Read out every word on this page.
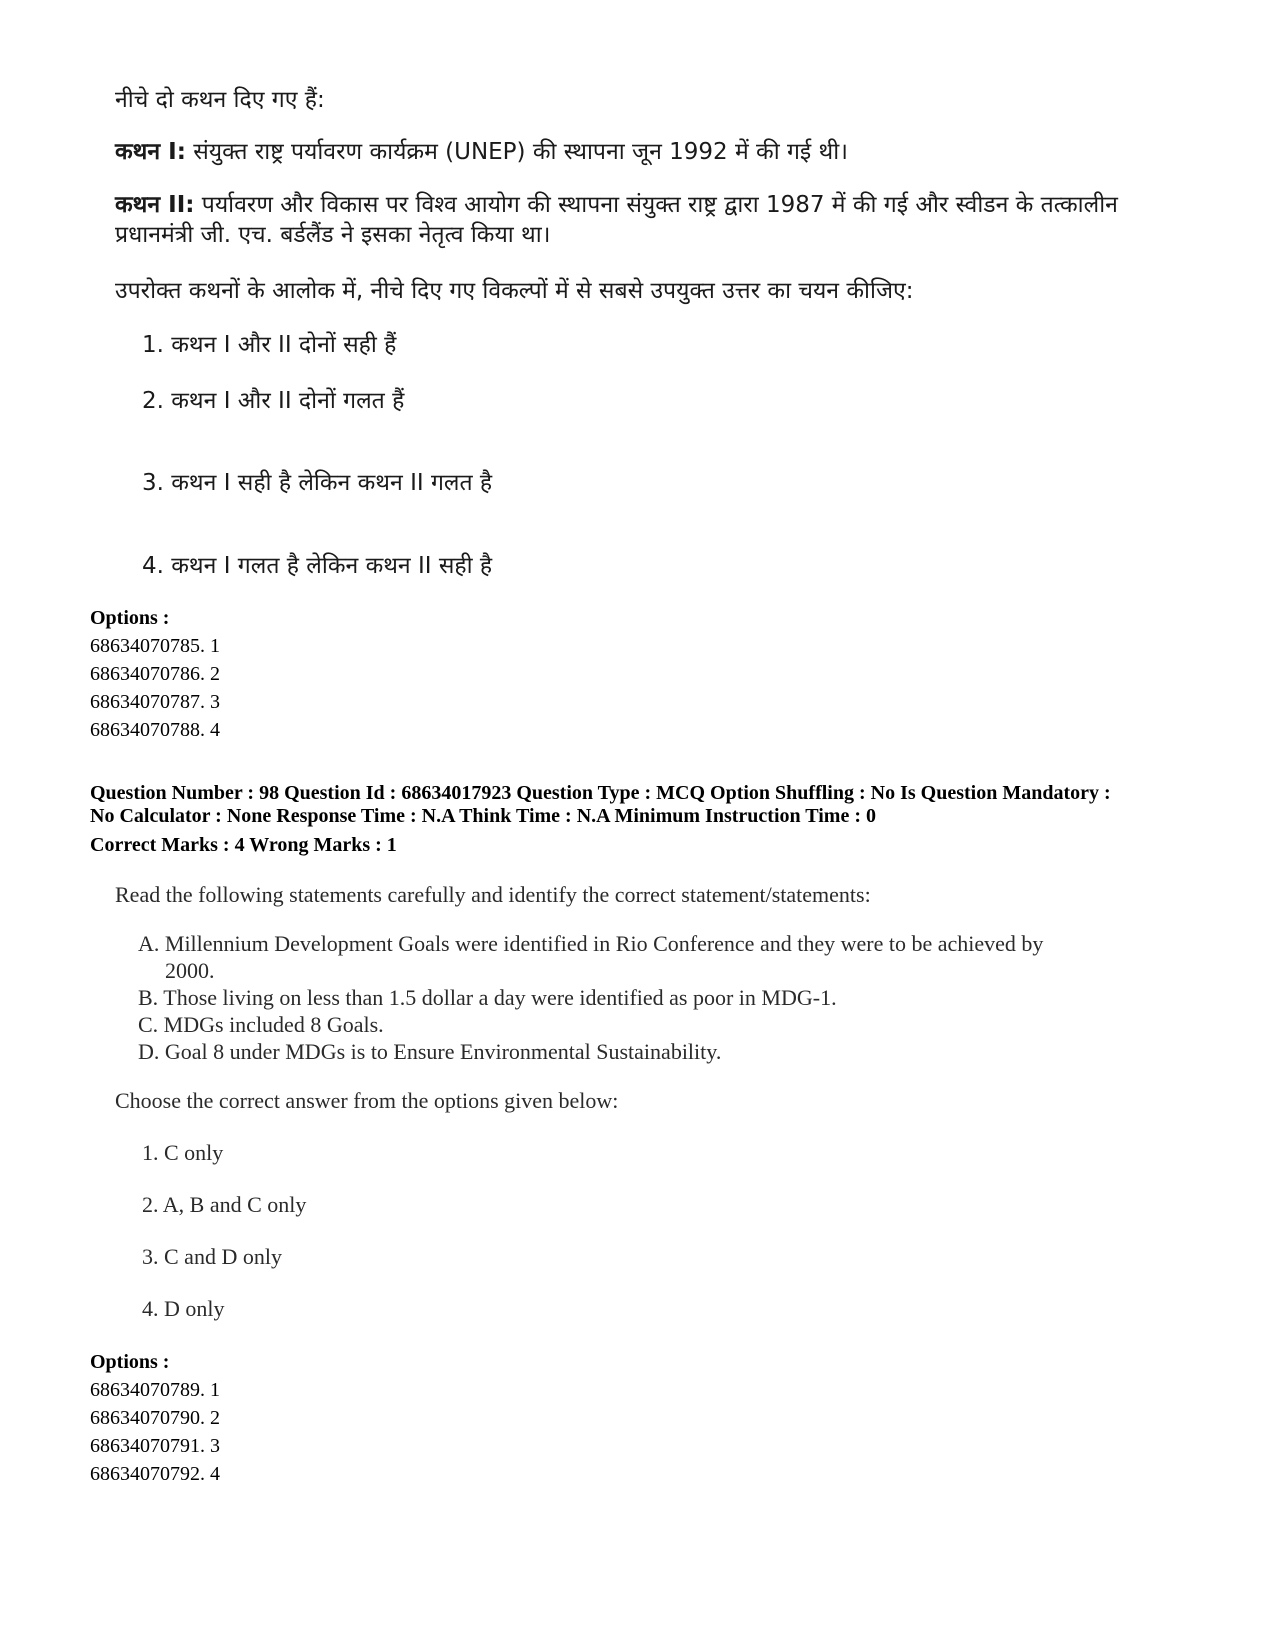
नीचे दो कथन दिए गए हैं:
कथन I: संयुक्त राष्ट्र पर्यावरण कार्यक्रम (UNEP) की स्थापना जून 1992 में की गई थी।
कथन II: पर्यावरण और विकास पर विश्व आयोग की स्थापना संयुक्त राष्ट्र द्वारा 1987 में की गई और स्वीडन के तत्कालीन प्रधानमंत्री जी. एच. बर्डलैंड ने इसका नेतृत्व किया था।
उपरोक्त कथनों के आलोक में, नीचे दिए गए विकल्पों में से सबसे उपयुक्त उत्तर का चयन कीजिए:
1. कथन I और II दोनों सही हैं
2. कथन I और II दोनों गलत हैं
3. कथन I सही है लेकिन कथन II गलत है
4. कथन I गलत है लेकिन कथन II सही है
Options :
68634070785. 1
68634070786. 2
68634070787. 3
68634070788. 4
Question Number : 98 Question Id : 68634017923 Question Type : MCQ Option Shuffling : No Is Question Mandatory :
No Calculator : None Response Time : N.A Think Time : N.A Minimum Instruction Time : 0
Correct Marks : 4 Wrong Marks : 1
Read the following statements carefully and identify the correct statement/statements:
A. Millennium Development Goals were identified in Rio Conference and they were to be achieved by
2000.
B. Those living on less than 1.5 dollar a day were identified as poor in MDG-1.
C. MDGs included 8 Goals.
D. Goal 8 under MDGs is to Ensure Environmental Sustainability.
Choose the correct answer from the options given below:
1. C only
2. A, B and C only
3. C and D only
4. D only
Options :
68634070789. 1
68634070790. 2
68634070791. 3
68634070792. 4
